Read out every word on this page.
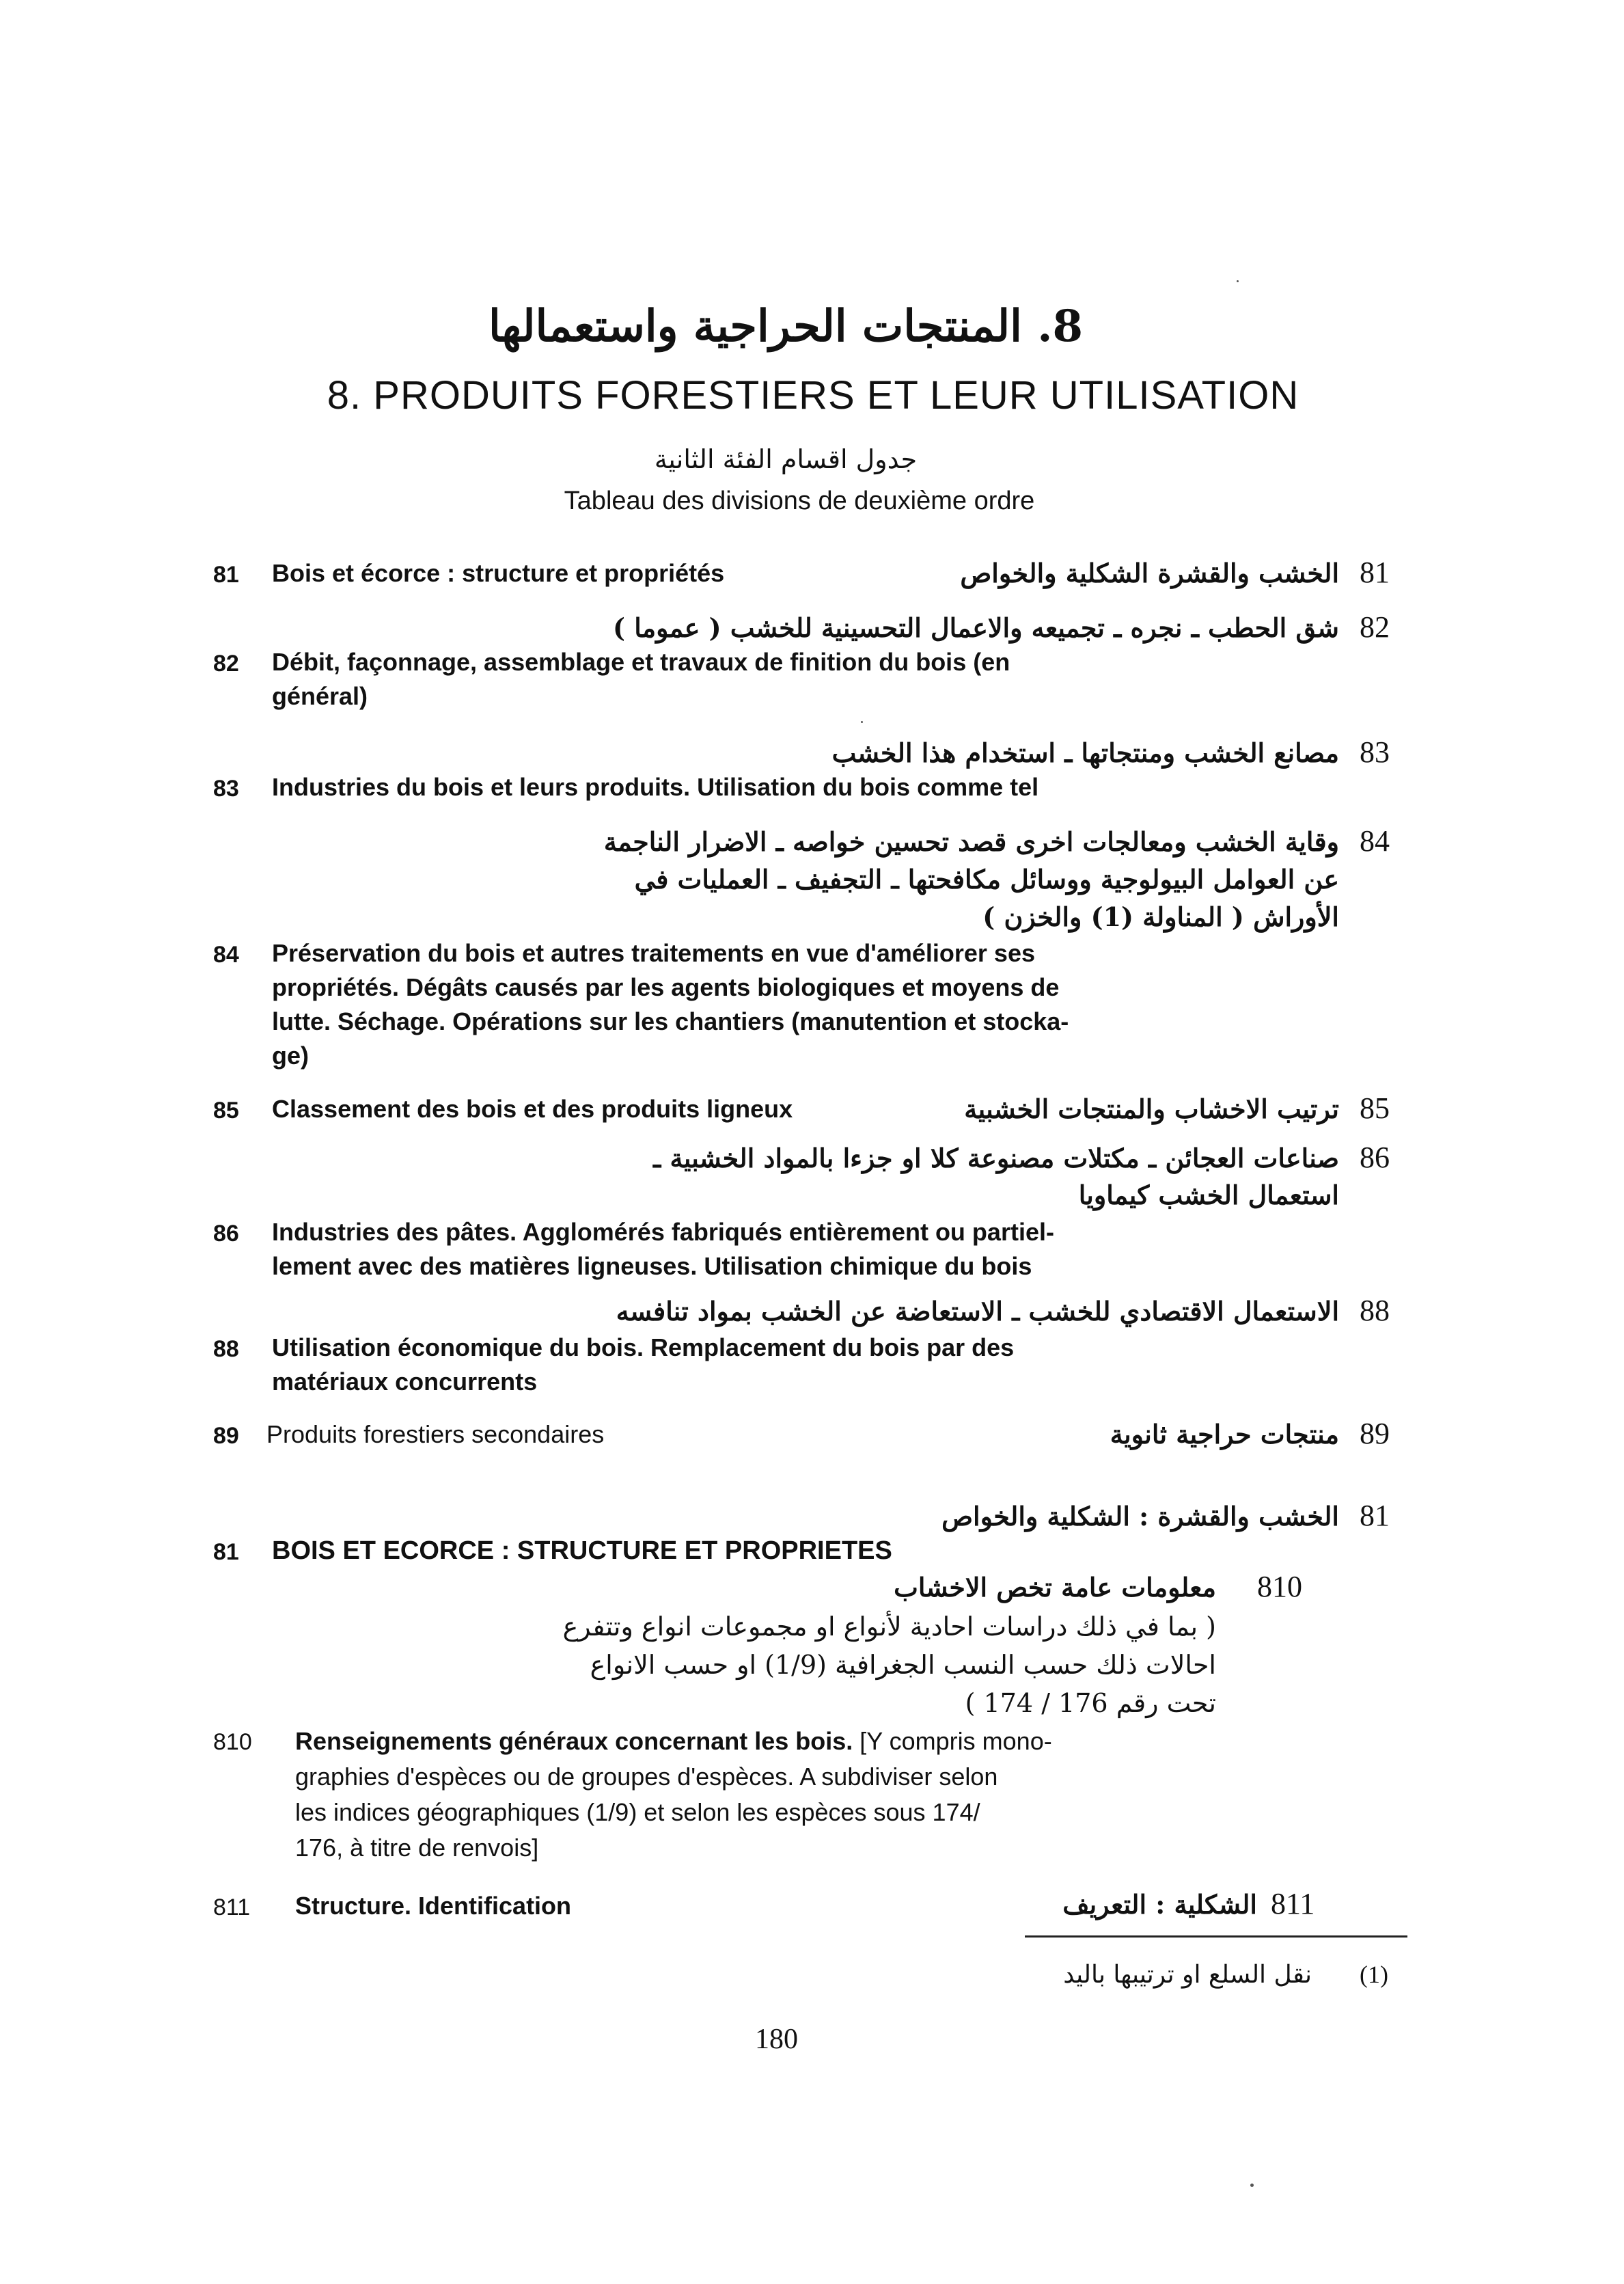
8. المنتجات الحراجية واستعمالها
8. PRODUITS FORESTIERS ET LEUR UTILISATION
جدول اقسام الفئة الثانية
Tableau des divisions de deuxième ordre
81 Bois et écorce : structure et propriétés	الخشب والقشرة الشكلية والخواص 81
شق الحطب ـ نجره ـ تجميعه والاعمال التحسينية للخشب ( عموما ) 82
82 Débit, façonnage, assemblage et travaux de finition du bois (en
général)
مصانع الخشب ومنتجاتها ـ استخدام هذا الخشب 83
83 Industries du bois et leurs produits. Utilisation du bois comme tel
وقاية الخشب ومعالجات اخرى قصد تحسين خواصه ـ الاضرار الناجمة 84
عن العوامل البيولوجية ووسائل مكافحتها ـ التجفيف ـ العمليات في
الأوراش ( المناولة (1) والخزن )
84 Préservation du bois et autres traitements en vue d'améliorer ses
propriétés. Dégâts causés par les agents biologiques et moyens de
lutte. Séchage. Opérations sur les chantiers (manutention et stocka-
ge)
85 Classement des bois et des produits ligneux	ترتيب الاخشاب والمنتجات الخشبية 85
صناعات العجائن ـ مكتلات مصنوعة كلا او جزءا بالمواد الخشبية ـ 86
استعمال الخشب كيماويا
86 Industries des pâtes. Agglomérés fabriqués entièrement ou partiel-
lement avec des matières ligneuses. Utilisation chimique du bois
الاستعمال الاقتصادي للخشب ـ الاستعاضة عن الخشب بمواد تنافسه 88
88 Utilisation économique du bois. Remplacement du bois par des
matériaux concurrents
89 Produits forestiers secondaires	منتجات حراجية ثانوية 89
الخشب والقشرة : الشكلية والخواص 81
81 BOIS ET ECORCE : STRUCTURE ET PROPRIETES
معلومات عامة تخص الاخشاب 810
( بما في ذلك دراسات احادية لأنواع او مجموعات انواع وتتفرع
احالات ذلك حسب النسب الجغرافية (1/9) او حسب الانواع
تحت رقم 176 / 174 )
810 Renseignements généraux concernant les bois. [Y compris mono-
graphies d'espèces ou de groupes d'espèces. A subdiviser selon
les indices géographiques (1/9) et selon les espèces sous 174/
176, à titre de renvois]
811 Structure. Identification	الشكلية : التعريف 811
نقل السلع او ترتيبها باليد (1)
180
